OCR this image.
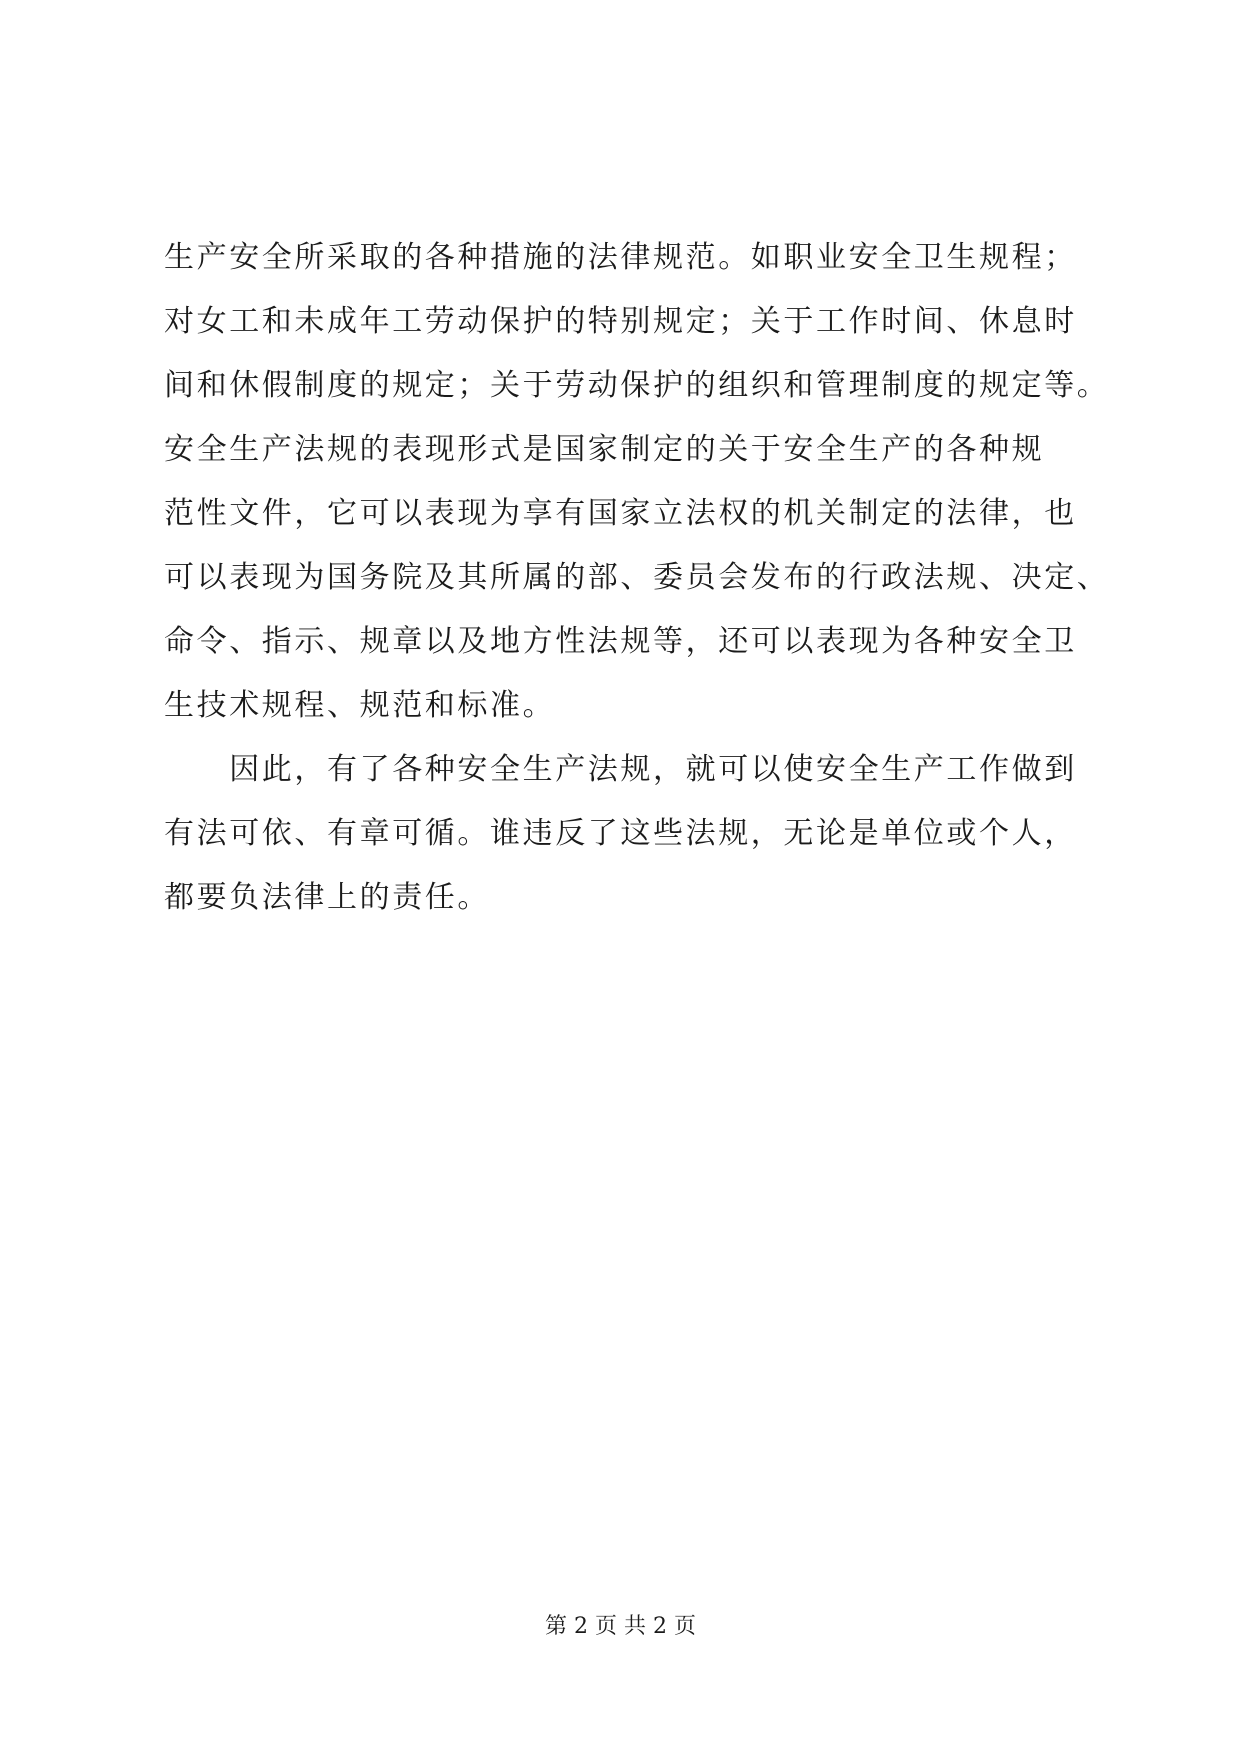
生产安全所采取的各种措施的法律规范。如职业安全卫生规程；
对女工和未成年工劳动保护的特别规定；关于工作时间、休息时
间和休假制度的规定；关于劳动保护的组织和管理制度的规定等。
安全生产法规的表现形式是国家制定的关于安全生产的各种规
范性文件，它可以表现为享有国家立法权的机关制定的法律，也
可以表现为国务院及其所属的部、委员会发布的行政法规、决定、
命令、指示、规章以及地方性法规等，还可以表现为各种安全卫
生技术规程、规范和标准。
　　因此，有了各种安全生产法规，就可以使安全生产工作做到
有法可依、有章可循。谁违反了这些法规，无论是单位或个人，
都要负法律上的责任。
第 2 页 共 2 页
